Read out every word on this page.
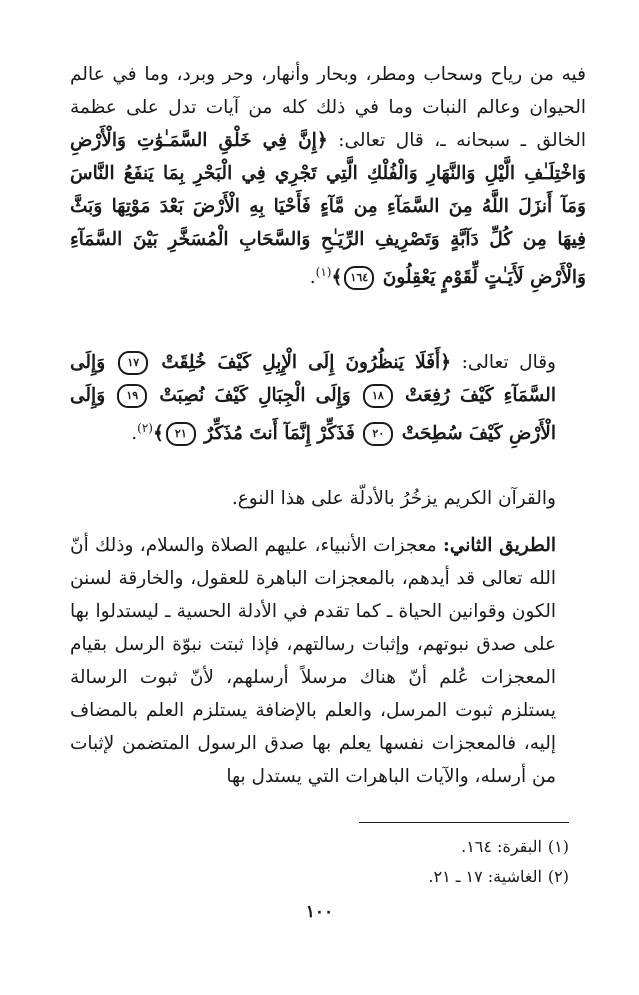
فيه من رياح وسحاب ومطر، وبحار وأنهار، وحر وبرد، وما في عالم الحيوان وعالم النبات وما في ذلك كله من آيات تدل على عظمة الخالق ـ سبحانه ـ، قال تعالى: ﴿إِنَّ فِي خَلْقِ السَّمَـٰوَٰتِ وَالْأَرْضِ وَاخْتِلَـٰفِ الَّيْلِ وَالنَّهَارِ وَالْفُلْكِ الَّتِي تَجْرِي فِي الْبَحْرِ بِمَا يَنفَعُ النَّاسَ وَمَآ أَنزَلَ اللَّهُ مِنَ السَّمَآءِ مِن مَّآءٍ فَأَحْيَا بِهِ الْأَرْضَ بَعْدَ مَوْتِهَا وَبَثَّ فِيهَا مِن كُلِّ دَآبَّةٍ وَتَصْرِيفِ الرِّيَـٰحِ وَالسَّحَابِ الْمُسَخَّرِ بَيْنَ السَّمَآءِ وَالْأَرْضِ لَأَيَـٰتٍ لِّقَوْمٍ يَعْقِلُونَ ١٦٤﴾$^{(١)}$.

وقال تعالى: ﴿أَفَلَا يَنظُرُونَ إِلَى الْإِبِلِ كَيْفَ خُلِقَتْ ١٧ وَإِلَى السَّمَآءِ كَيْفَ رُفِعَتْ ١٨ وَإِلَى الْجِبَالِ كَيْفَ نُصِبَتْ ١٩ وَإِلَى الْأَرْضِ كَيْفَ سُطِحَتْ ٢٠ فَذَكِّرْ إِنَّمَآ أَنتَ مُذَكِّرٌ ٢١﴾$^{(٢)}$.

والقرآن الكريم يزخُرُ بالأدلّة على هذا النوع.

الطريق الثاني: معجزات الأنبياء، عليهم الصلاة والسلام، وذلك أنّ الله تعالى قد أيدهم، بالمعجزات الباهرة للعقول، والخارقة لسنن الكون وقوانين الحياة ـ كما تقدم في الأدلة الحسية ـ ليستدلوا بها على صدق نبوتهم، وإثبات رسالتهم، فإذا ثبتت نبوّة الرسل بقيام المعجزات عُلم أنّ هناك مرسلاً أرسلهم، لأنّ ثبوت الرسالة يستلزم ثبوت المرسل، والعلم بالإضافة يستلزم العلم بالمضاف إليه، فالمعجزات نفسها يعلم بها صدق الرسول المتضمن لإثبات من أرسله، والآيات الباهرات التي يستدل بها

(١)البقرة: ١٦٤.

(٢)الغاشية: ١٧ ـ ٢١.

١٠٠
